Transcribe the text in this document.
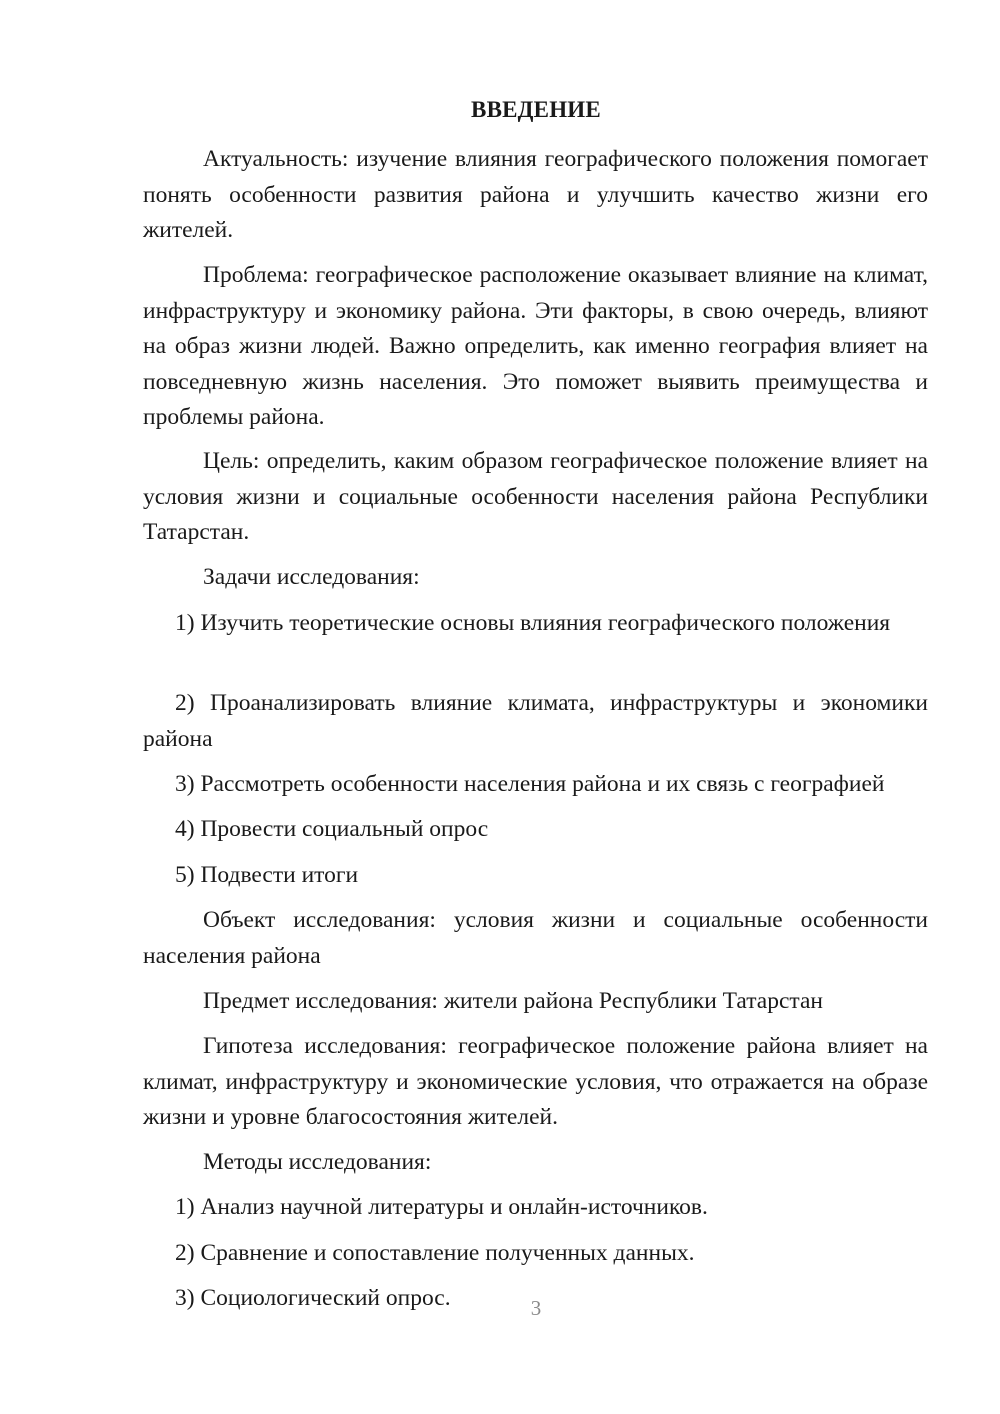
ВВЕДЕНИЕ

Актуальность: изучение влияния географического положения помогает понять особенности развития района и улучшить качество жизни его жителей.

Проблема: географическое расположение оказывает влияние на климат, инфраструктуру и экономику района. Эти факторы, в свою очередь, влияют на образ жизни людей. Важно определить, как именно география влияет на повседневную жизнь населения. Это поможет выявить преимущества и проблемы района.

Цель: определить, каким образом географическое положение влияет на условия жизни и социальные особенности населения района Республики Татарстан.

Задачи исследования:

1) Изучить теоретические основы влияния географического положения

2) Проанализировать влияние климата, инфраструктуры и экономики района

3) Рассмотреть особенности населения района и их связь с географией

4) Провести социальный опрос

5) Подвести итоги

Объект исследования: условия жизни и социальные особенности населения района

Предмет исследования: жители района Республики Татарстан

Гипотеза исследования: географическое положение района влияет на климат, инфраструктуру и экономические условия, что отражается на образе жизни и уровне благосостояния жителей.

Методы исследования:

1) Анализ научной литературы и онлайн-источников.

2) Сравнение и сопоставление полученных данных.

3) Социологический опрос.	3
